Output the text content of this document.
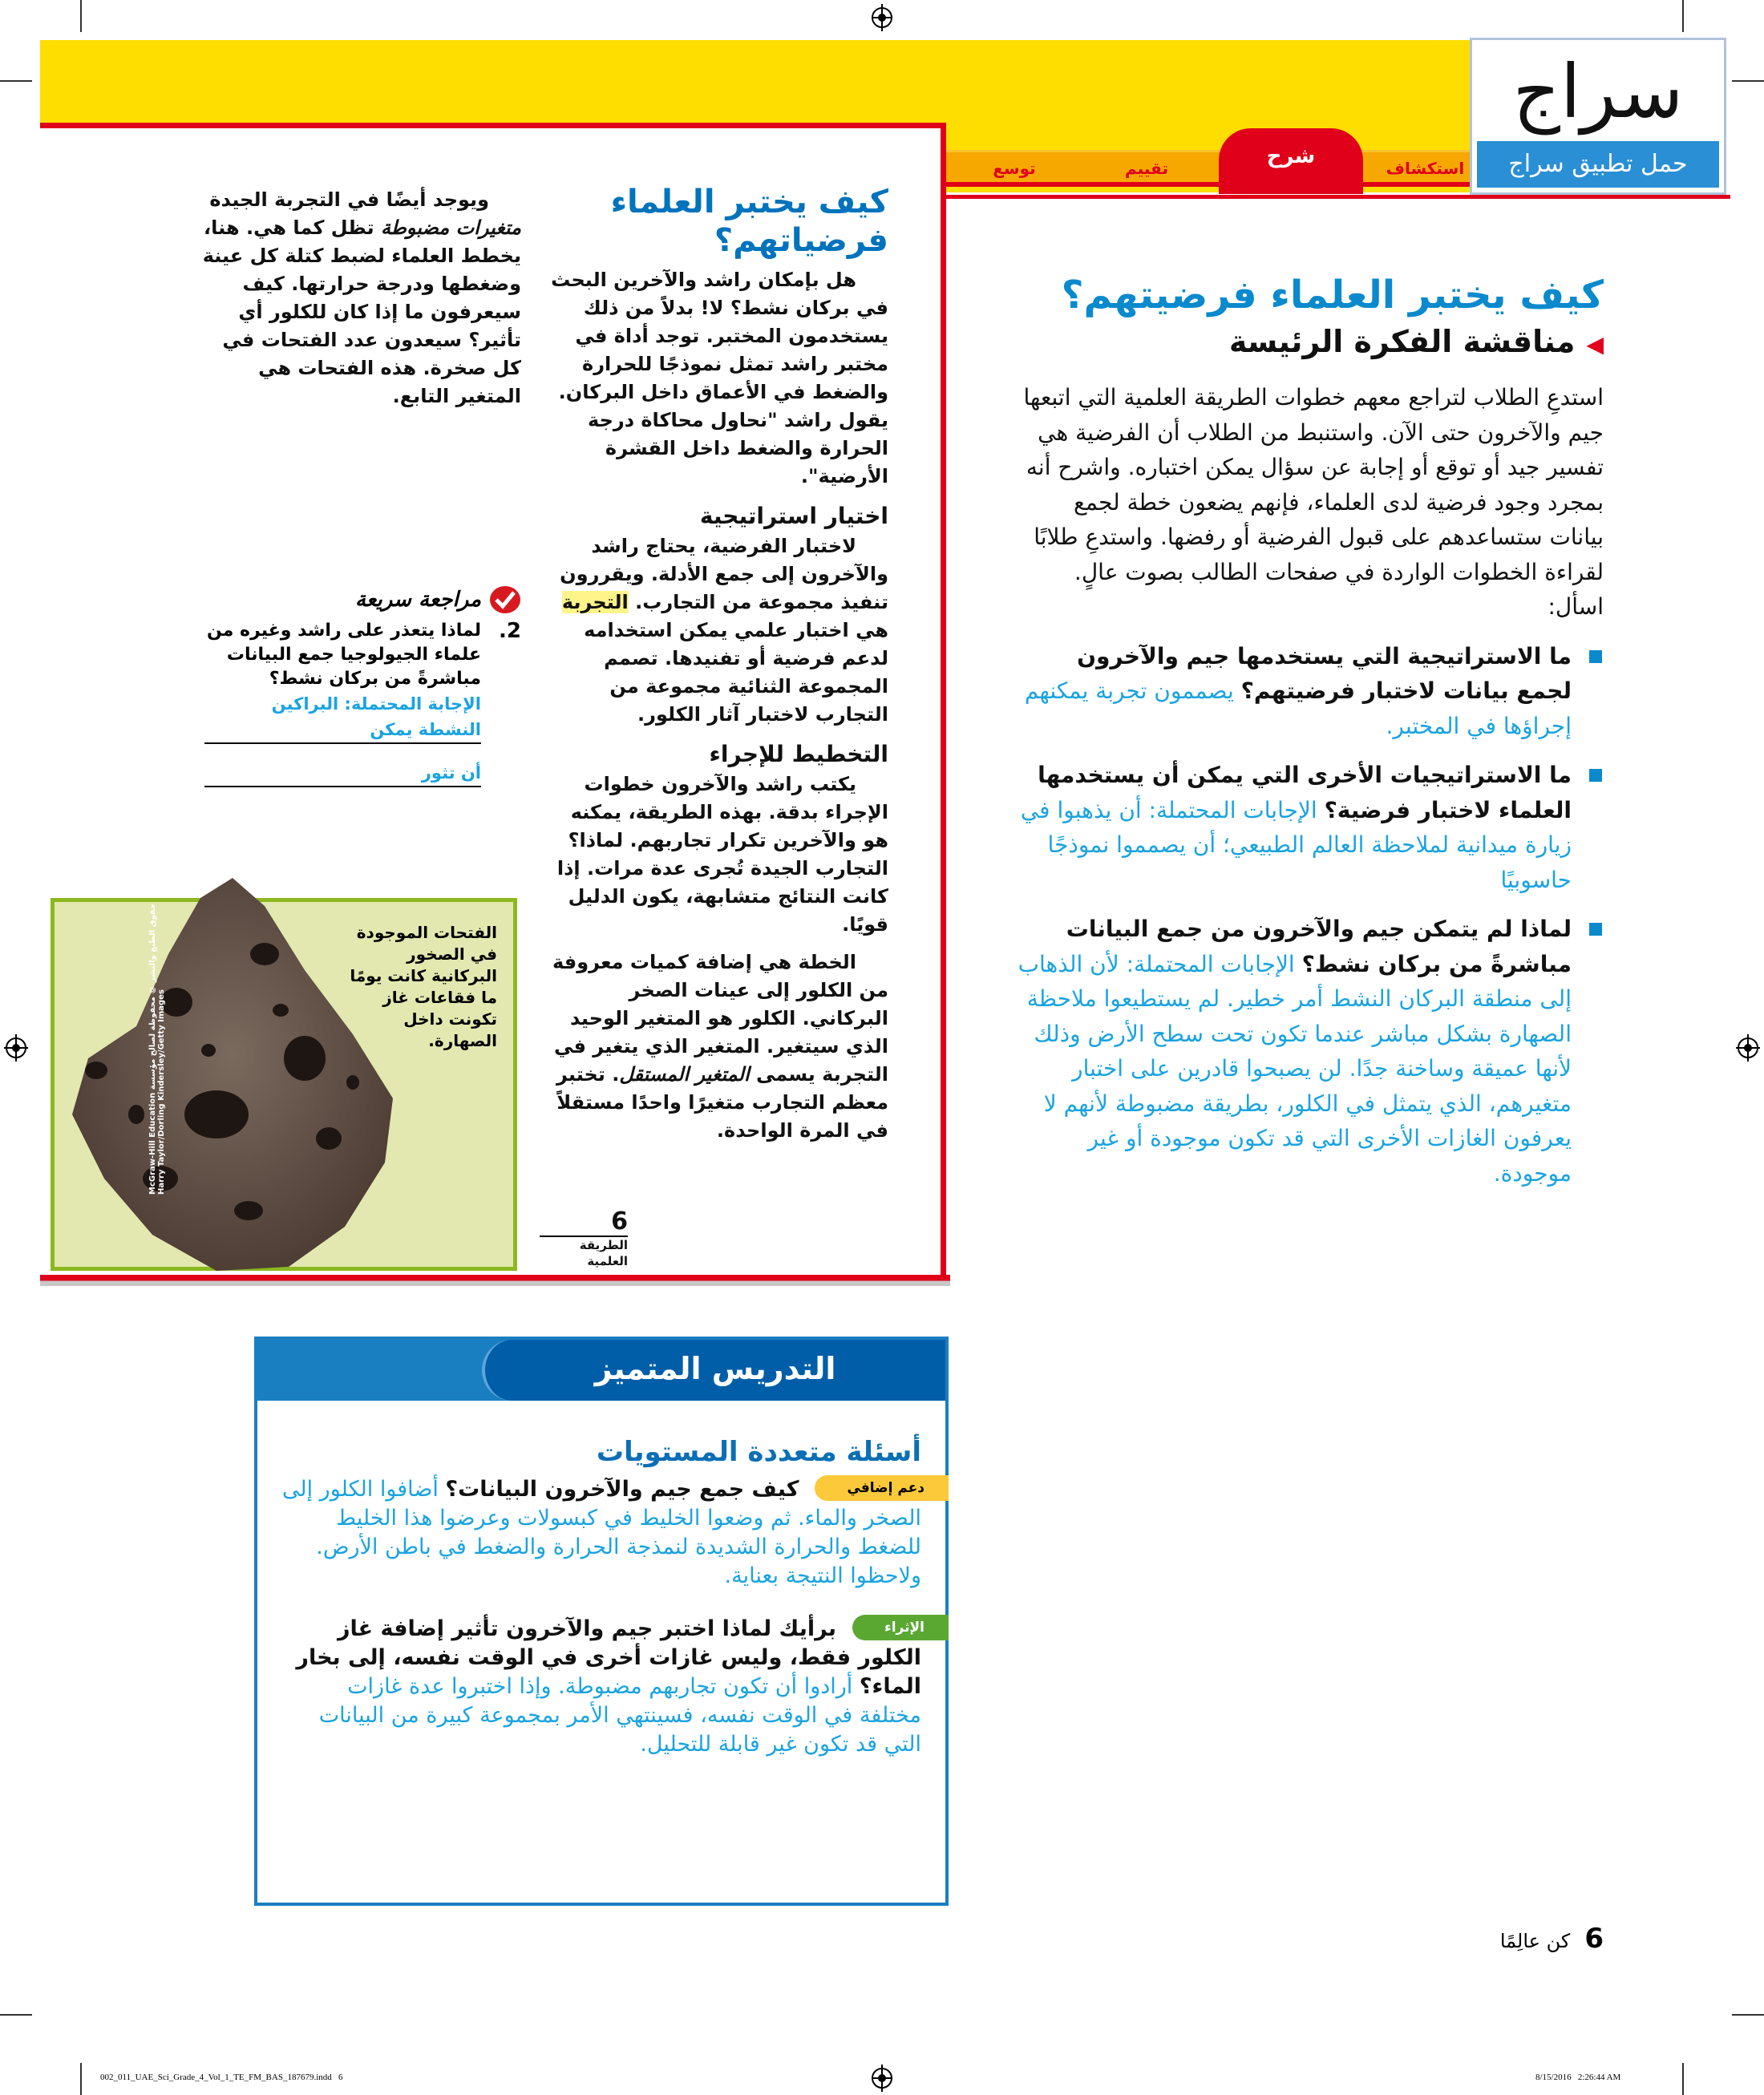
استكشاف
شرح
تقييم
توسع
سراج
حمل تطبيق سراج
كيف يختبر العلماء فرضياتهم؟

هل بإمكان راشد والآخرين البحث في بركان نشط؟ لا! بدلاً من ذلك يستخدمون المختبر. توجد أداة في مختبر راشد تمثل نموذجًا للحرارة والضغط في الأعماق داخل البركان. يقول راشد "نحاول محاكاة درجة الحرارة والضغط داخل القشرة الأرضية".

اختيار استراتيجية

لاختبار الفرضية، يحتاج راشد والآخرون إلى جمع الأدلة. ويقررون تنفيذ مجموعة من التجارب. التجربة هي اختبار علمي يمكن استخدامه لدعم فرضية أو تفنيدها. تصمم المجموعة الثنائية مجموعة من التجارب لاختبار آثار الكلور.

التخطيط للإجراء

يكتب راشد والآخرون خطوات الإجراء بدقة. بهذه الطريقة، يمكنه هو والآخرين تكرار تجاربهم. لماذا؟ التجارب الجيدة تُجرى عدة مرات. إذا كانت النتائج متشابهة، يكون الدليل قويًا.

الخطة هي إضافة كميات معروفة من الكلور إلى عينات الصخر البركاني. الكلور هو المتغير الوحيد الذي سيتغير. المتغير الذي يتغير في التجربة يسمى المتغير المستقل. تختبر معظم التجارب متغيرًا واحدًا مستقلاً في المرة الواحدة.

6
الطريقة العلمية

ويوجد أيضًا في التجربة الجيدة متغيرات مضبوطة تظل كما هي. هنا، يخطط العلماء لضبط كتلة كل عينة وضغطها ودرجة حرارتها. كيف سيعرفون ما إذا كان للكلور أي تأثير؟ سيعدون عدد الفتحات في كل صخرة. هذه الفتحات هي المتغير التابع.

مراجعة سريعة
2.
لماذا يتعذر على راشد وغيره من علماء الجيولوجيا جمع البيانات مباشرةً من بركان نشط؟
الإجابة المحتملة: البراكين النشطة يمكن
أن تثور
McGraw-Hill Education حقوق الطبع والنشر © محفوظة لصالح مؤسسة Harry Taylor/Dorling Kindersley/Getty Images
الفتحات الموجودة في الصخور البركانية كانت يومًا ما فقاعات غاز تكونت داخل الصهارة.
كيف يختبر العلماء فرضيتهم؟
◀مناقشة الفكرة الرئيسة

استدعِ الطلاب لتراجع معهم خطوات الطريقة العلمية التي اتبعها جيم والآخرون حتى الآن. واستنبط من الطلاب أن الفرضية هي تفسير جيد أو توقع أو إجابة عن سؤال يمكن اختباره. واشرح أنه بمجرد وجود فرضية لدى العلماء، فإنهم يضعون خطة لجمع بيانات ستساعدهم على قبول الفرضية أو رفضها. واستدعِ طلابًا لقراءة الخطوات الواردة في صفحات الطالب بصوت عالٍ. اسأل:

ما الاستراتيجية التي يستخدمها جيم والآخرون لجمع بيانات لاختبار فرضيتهم؟ يصممون تجربة يمكنهم إجراؤها في المختبر.
ما الاستراتيجيات الأخرى التي يمكن أن يستخدمها العلماء لاختبار فرضية؟ الإجابات المحتملة: أن يذهبوا في زيارة ميدانية لملاحظة العالم الطبيعي؛ أن يصمموا نموذجًا حاسوبيًا
لماذا لم يتمكن جيم والآخرون من جمع البيانات مباشرةً من بركان نشط؟ الإجابات المحتملة: لأن الذهاب إلى منطقة البركان النشط أمر خطير. لم يستطيعوا ملاحظة الصهارة بشكل مباشر عندما تكون تحت سطح الأرض وذلك لأنها عميقة وساخنة جدًا. لن يصبحوا قادرين على اختبار متغيرهم، الذي يتمثل في الكلور، بطريقة مضبوطة لأنهم لا يعرفون الغازات الأخرى التي قد تكون موجودة أو غير موجودة.
التدريس المتميز
أسئلة متعددة المستويات
دعم إضافي
كيف جمع جيم والآخرون البيانات؟ أضافوا الكلور إلى الصخر والماء. ثم وضعوا الخليط في كبسولات وعرضوا هذا الخليط للضغط والحرارة الشديدة لنمذجة الحرارة والضغط في باطن الأرض. ولاحظوا النتيجة بعناية.
الإثراء
برأيك لماذا اختبر جيم والآخرون تأثير إضافة غاز الكلور فقط، وليس غازات أخرى في الوقت نفسه، إلى بخار الماء؟ أرادوا أن تكون تجاربهم مضبوطة. وإذا اختبروا عدة غازات مختلفة في الوقت نفسه، فسينتهي الأمر بمجموعة كبيرة من البيانات التي قد تكون غير قابلة للتحليل.
6
كن عالِمًا
002_011_UAE_Sci_Grade_4_Vol_1_TE_FM_BAS_187679.indd   6	8/15/2016   2:26:44 AM
